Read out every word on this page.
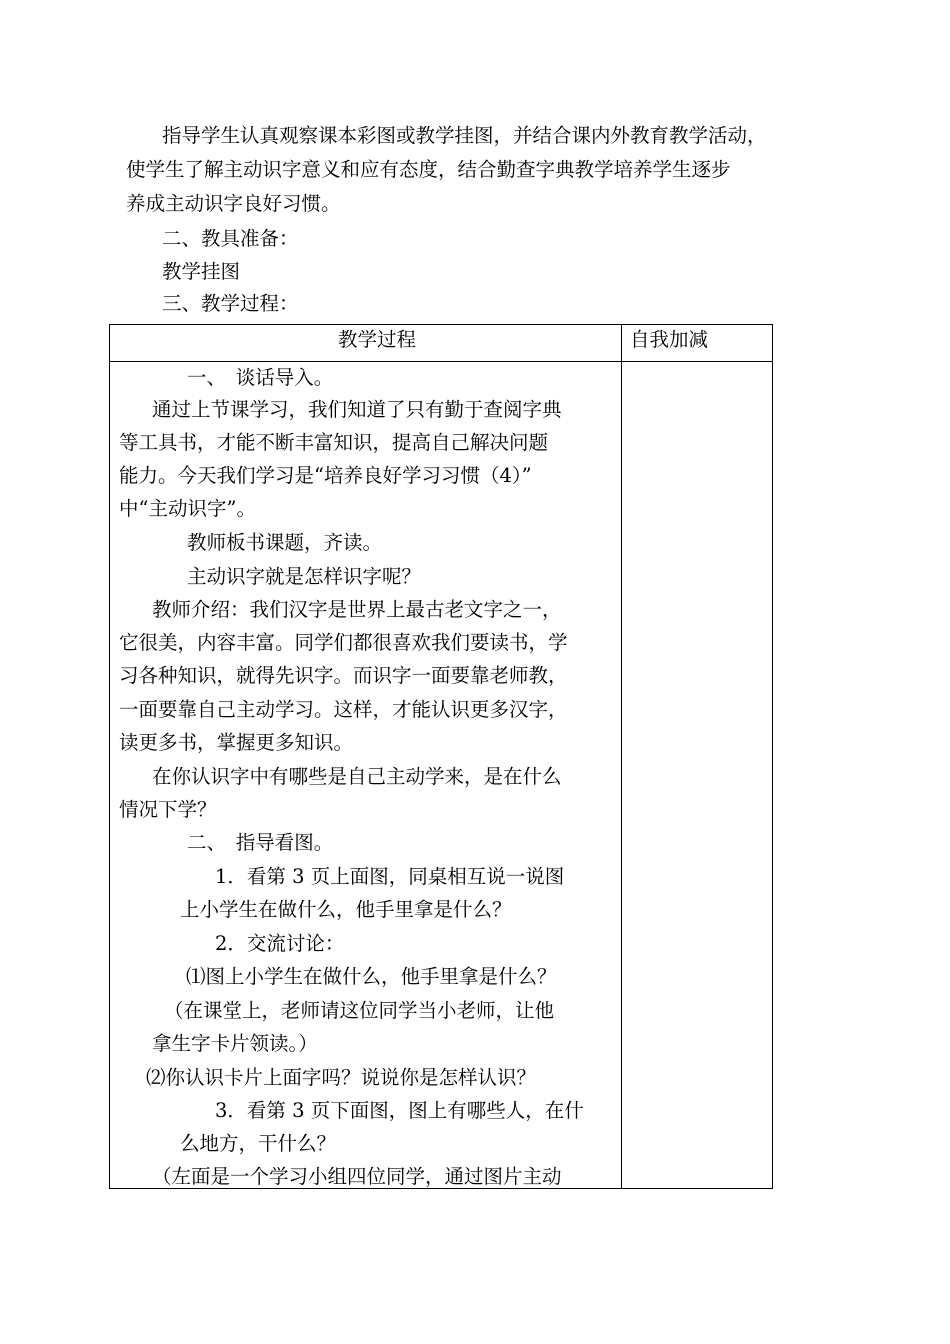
指导学生认真观察课本彩图或教学挂图，并结合课内外教育教学活动，
使学生了解主动识字意义和应有态度，结合勤查字典教学培养学生逐步
养成主动识字良好习惯。
二、教具准备：
教学挂图
三、教学过程：
教学过程	自我加减
一、　谈话导入。
通过上节课学习，我们知道了只有勤于查阅字典
等工具书，才能不断丰富知识，提高自己解决问题
能力。今天我们学习是“培养良好学习习惯（4）”
中“主动识字”。
教师板书课题，齐读。
主动识字就是怎样识字呢？
教师介绍：我们汉字是世界上最古老文字之一，
它很美，内容丰富。同学们都很喜欢我们要读书，学
习各种知识，就得先识字。而识字一面要靠老师教，
一面要靠自己主动学习。这样，才能认识更多汉字，
读更多书，掌握更多知识。
在你认识字中有哪些是自己主动学来，是在什么
情况下学？
二、　指导看图。
1．看第 3 页上面图，同桌相互说一说图
上小学生在做什么，他手里拿是什么？
2．交流讨论：
⑴图上小学生在做什么，他手里拿是什么？
（在课堂上，老师请这位同学当小老师，让他
拿生字卡片领读。）
⑵你认识卡片上面字吗？说说你是怎样认识？
3．看第 3 页下面图，图上有哪些人，在什
么地方，干什么？
（左面是一个学习小组四位同学，通过图片主动
